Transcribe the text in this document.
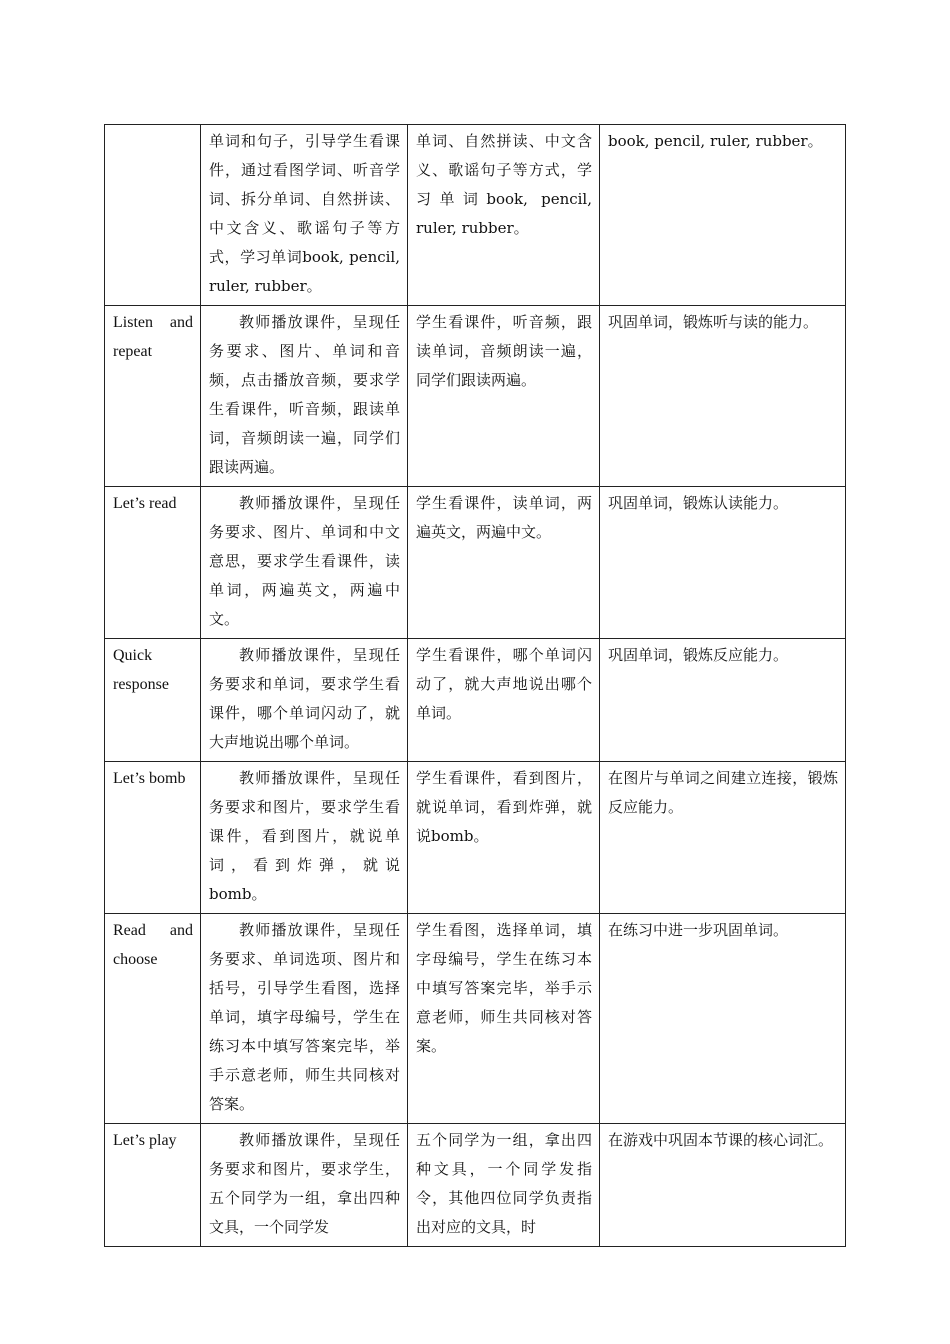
	单词和句子，引导学生看课件，通过看图学词、听音学词、拆分单词、自然拼读、中文含义、歌谣句子等方式，学习单词book, pencil, ruler, rubber。	单词、自然拼读、中文含义、歌谣句子等方式，学习单词book, pencil, ruler, rubber。	book, pencil, ruler, rubber。
Listen and repeat	教师播放课件，呈现任务要求、图片、单词和音频，点击播放音频，要求学生看课件，听音频，跟读单词，音频朗读一遍，同学们跟读两遍。	学生看课件，听音频，跟读单词，音频朗读一遍，同学们跟读两遍。	巩固单词，锻炼听与读的能力。
Let’s read	教师播放课件，呈现任务要求、图片、单词和中文意思，要求学生看课件，读单词，两遍英文，两遍中文。	学生看课件，读单词，两遍英文，两遍中文。	巩固单词，锻炼认读能力。
Quick response	教师播放课件，呈现任务要求和单词，要求学生看课件，哪个单词闪动了，就大声地说出哪个单词。	学生看课件，哪个单词闪动了，就大声地说出哪个单词。	巩固单词，锻炼反应能力。
Let’s bomb	教师播放课件，呈现任务要求和图片，要求学生看课件，看到图片，就说单词，看到炸弹，就说bomb。	学生看课件，看到图片，就说单词，看到炸弹，就说bomb。	在图片与单词之间建立连接，锻炼反应能力。
Read and choose	教师播放课件，呈现任务要求、单词选项、图片和括号，引导学生看图，选择单词，填字母编号，学生在练习本中填写答案完毕，举手示意老师，师生共同核对答案。	学生看图，选择单词，填字母编号，学生在练习本中填写答案完毕，举手示意老师，师生共同核对答案。	在练习中进一步巩固单词。
Let’s play	教师播放课件，呈现任务要求和图片，要求学生，五个同学为一组，拿出四种文具，一个同学发	五个同学为一组，拿出四种文具，一个同学发指令，其他四位同学负责指出对应的文具，时	在游戏中巩固本节课的核心词汇。
